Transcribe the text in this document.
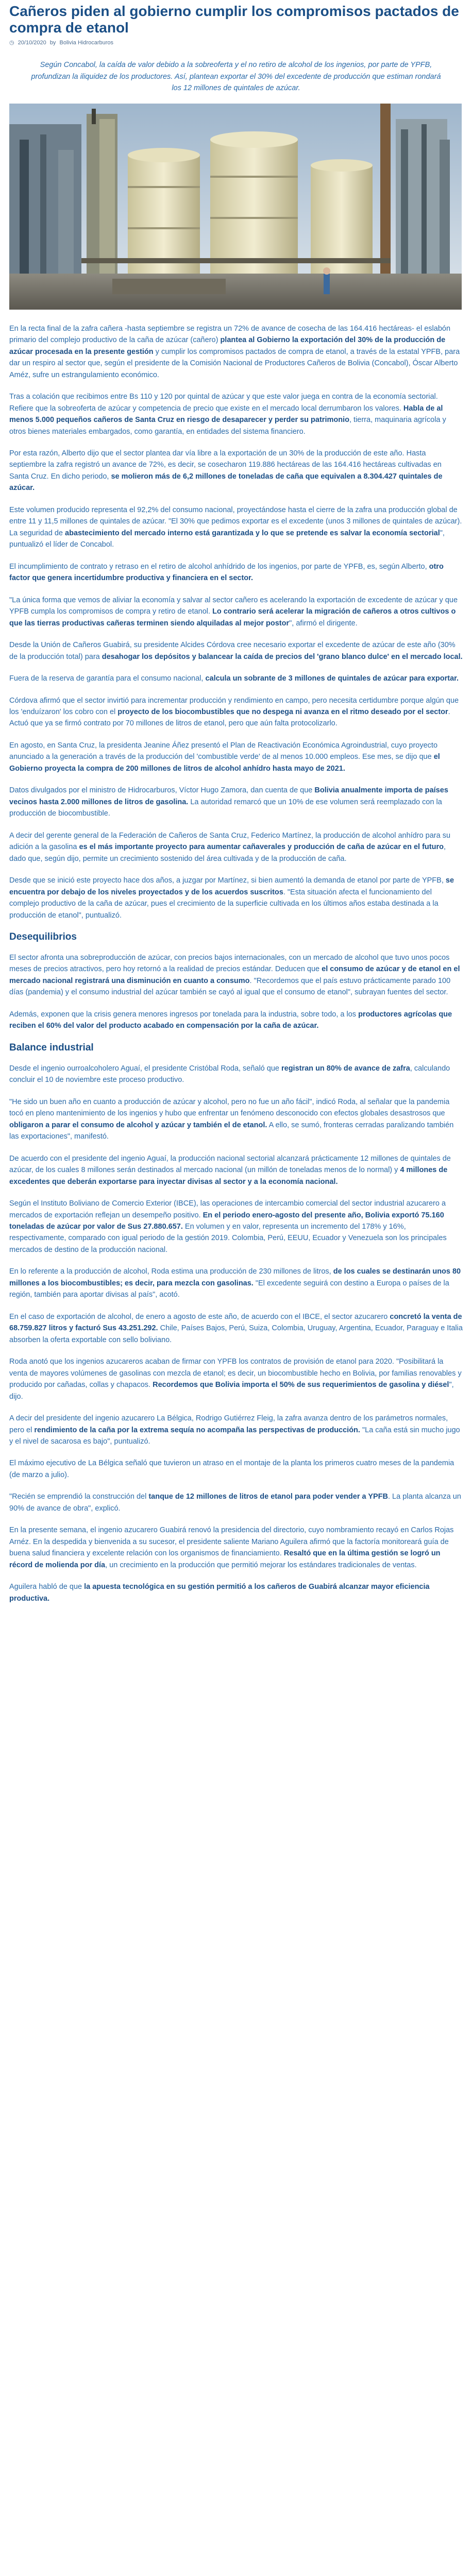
Cañeros piden al gobierno cumplir los compromisos pactados de compra de etanol
◷ 20/10/2020 by Bolivia Hidrocarburos

Según Concabol, la caída de valor debido a la sobreoferta y el no retiro de alcohol de los ingenios, por parte de YPFB, profundizan la iliquidez de los productores. Así, plantean exportar el 30% del excedente de producción que estiman rondará los 12 millones de quintales de azúcar.

En la recta final de la zafra cañera -hasta septiembre se registra un 72% de avance de cosecha de las 164.416 hectáreas- el eslabón primario del complejo productivo de la caña de azúcar (cañero) plantea al Gobierno la exportación del 30% de la producción de azúcar procesada en la presente gestión y cumplir los compromisos pactados de compra de etanol, a través de la estatal YPFB, para dar un respiro al sector que, según el presidente de la Comisión Nacional de Productores Cañeros de Bolivia (Concabol), Óscar Alberto Améz, sufre un estrangulamiento económico.

Tras a colación que recibimos entre Bs 110 y 120 por quintal de azúcar y que este valor juega en contra de la economía sectorial. Refiere que la sobreoferta de azúcar y competencia de precio que existe en el mercado local derrumbaron los valores. Habla de al menos 5.000 pequeños cañeros de Santa Cruz en riesgo de desaparecer y perder su patrimonio, tierra, maquinaria agrícola y otros bienes materiales embargados, como garantía, en entidades del sistema financiero.

Por esta razón, Alberto dijo que el sector plantea dar vía libre a la exportación de un 30% de la producción de este año. Hasta septiembre la zafra registró un avance de 72%, es decir, se cosecharon 119.886 hectáreas de las 164.416 hectáreas cultivadas en Santa Cruz. En dicho periodo, se molieron más de 6,2 millones de toneladas de caña que equivalen a 8.304.427 quintales de azúcar.

Este volumen producido representa el 92,2% del consumo nacional, proyectándose hasta el cierre de la zafra una producción global de entre 11 y 11,5 millones de quintales de azúcar. "El 30% que pedimos exportar es el excedente (unos 3 millones de quintales de azúcar). La seguridad de abastecimiento del mercado interno está garantizada y lo que se pretende es salvar la economía sectorial", puntualizó el líder de Concabol.

El incumplimiento de contrato y retraso en el retiro de alcohol anhídrido de los ingenios, por parte de YPFB, es, según Alberto, otro factor que genera incertidumbre productiva y financiera en el sector.

"La única forma que vemos de aliviar la economía y salvar al sector cañero es acelerando la exportación de excedente de azúcar y que YPFB cumpla los compromisos de compra y retiro de etanol. Lo contrario será acelerar la migración de cañeros a otros cultivos o que las tierras productivas cañeras terminen siendo alquiladas al mejor postor", afirmó el dirigente.

Desde la Unión de Cañeros Guabirá, su presidente Alcides Córdova cree necesario exportar el excedente de azúcar de este año (30% de la producción total) para desahogar los depósitos y balancear la caída de precios del 'grano blanco dulce' en el mercado local.

Fuera de la reserva de garantía para el consumo nacional, calcula un sobrante de 3 millones de quintales de azúcar para exportar.

Córdova afirmó que el sector invirtió para incrementar producción y rendimiento en campo, pero necesita certidumbre porque algún que los 'enduízaron' los cobro con el proyecto de los biocombustibles que no despega ni avanza en el ritmo deseado por el sector. Actuó que ya se firmó contrato por 70 millones de litros de etanol, pero que aún falta protocolizarlo.

En agosto, en Santa Cruz, la presidenta Jeanine Áñez presentó el Plan de Reactivación Económica Agroindustrial, cuyo proyecto anunciado a la generación a través de la producción del 'combustible verde' de al menos 10.000 empleos. Ese mes, se dijo que el Gobierno proyecta la compra de 200 millones de litros de alcohol anhídro hasta mayo de 2021.

Datos divulgados por el ministro de Hidrocarburos, Víctor Hugo Zamora, dan cuenta de que Bolivia anualmente importa de países vecinos hasta 2.000 millones de litros de gasolina. La autoridad remarcó que un 10% de ese volumen será reemplazado con la producción de biocombustible.

A decir del gerente general de la Federación de Cañeros de Santa Cruz, Federico Martínez, la producción de alcohol anhídro para su adición a la gasolina es el más importante proyecto para aumentar cañaverales y producción de caña de azúcar en el futuro, dado que, según dijo, permite un crecimiento sostenido del área cultivada y de la producción de caña.

Desde que se inició este proyecto hace dos años, a juzgar por Martínez, si bien aumentó la demanda de etanol por parte de YPFB, se encuentra por debajo de los niveles proyectados y de los acuerdos suscritos. "Esta situación afecta el funcionamiento del complejo productivo de la caña de azúcar, pues el crecimiento de la superficie cultivada en los últimos años estaba destinada a la producción de etanol", puntualizó.

Desequilibrios

El sector afronta una sobreproducción de azúcar, con precios bajos internacionales, con un mercado de alcohol que tuvo unos pocos meses de precios atractivos, pero hoy retornó a la realidad de precios estándar. Deducen que el consumo de azúcar y de etanol en el mercado nacional registrará una disminución en cuanto a consumo. "Recordemos que el país estuvo prácticamente parado 100 días (pandemia) y el consumo industrial del azúcar también se cayó al igual que el consumo de etanol", subrayan fuentes del sector.

Además, exponen que la crisis genera menores ingresos por tonelada para la industria, sobre todo, a los productores agrícolas que reciben el 60% del valor del producto acabado en compensación por la caña de azúcar.

Balance industrial

Desde el ingenio ourroalcoholero Aguaí, el presidente Cristóbal Roda, señaló que registran un 80% de avance de zafra, calculando concluir el 10 de noviembre este proceso productivo.

"He sido un buen año en cuanto a producción de azúcar y alcohol, pero no fue un año fácil", indicó Roda, al señalar que la pandemia tocó en pleno mantenimiento de los ingenios y hubo que enfrentar un fenómeno desconocido con efectos globales desastrosos que obligaron a parar el consumo de alcohol y azúcar y también el de etanol. A ello, se sumó, fronteras cerradas paralizando también las exportaciones", manifestó.

De acuerdo con el presidente del ingenio Aguaí, la producción nacional sectorial alcanzará prácticamente 12 millones de quintales de azúcar, de los cuales 8 millones serán destinados al mercado nacional (un millón de toneladas menos de lo normal) y 4 millones de excedentes que deberán exportarse para inyectar divisas al sector y a la economía nacional.

Según el Instituto Boliviano de Comercio Exterior (IBCE), las operaciones de intercambio comercial del sector industrial azucarero a mercados de exportación reflejan un desempeño positivo. En el periodo enero-agosto del presente año, Bolivia exportó 75.160 toneladas de azúcar por valor de Sus 27.880.657. En volumen y en valor, representa un incremento del 178% y 16%, respectivamente, comparado con igual periodo de la gestión 2019. Colombia, Perú, EEUU, Ecuador y Venezuela son los principales mercados de destino de la producción nacional.

En lo referente a la producción de alcohol, Roda estima una producción de 230 millones de litros, de los cuales se destinarán unos 80 millones a los biocombustibles; es decir, para mezcla con gasolinas. "El excedente seguirá con destino a Europa o países de la región, también para aportar divisas al país", acotó.

En el caso de exportación de alcohol, de enero a agosto de este año, de acuerdo con el IBCE, el sector azucarero concretó la venta de 68.759.827 litros y facturó Sus 43.251.292. Chile, Países Bajos, Perú, Suiza, Colombia, Uruguay, Argentina, Ecuador, Paraguay e Italia absorben la oferta exportable con sello boliviano.

Roda anotó que los ingenios azucareros acaban de firmar con YPFB los contratos de provisión de etanol para 2020. "Posibilitará la venta de mayores volúmenes de gasolinas con mezcla de etanol; es decir, un biocombustible hecho en Bolivia, por familias renovables y producido por cañadas, collas y chapacos. Recordemos que Bolivia importa el 50% de sus requerimientos de gasolina y diésel", dijo.

A decir del presidente del ingenio azucarero La Bélgica, Rodrigo Gutiérrez Fleig, la zafra avanza dentro de los parámetros normales, pero el rendimiento de la caña por la extrema sequía no acompaña las perspectivas de producción. "La caña está sin mucho jugo y el nivel de sacarosa es bajo", puntualizó.

El máximo ejecutivo de La Bélgica señaló que tuvieron un atraso en el montaje de la planta los primeros cuatro meses de la pandemia (de marzo a julio).

"Recién se emprendió la construcción del tanque de 12 millones de litros de etanol para poder vender a YPFB. La planta alcanza un 90% de avance de obra", explicó.

En la presente semana, el ingenio azucarero Guabirá renovó la presidencia del directorio, cuyo nombramiento recayó en Carlos Rojas Arnéz. En la despedida y bienvenida a su sucesor, el presidente saliente Mariano Aguilera afirmó que la factoría monitoreará guía de buena salud financiera y excelente relación con los organismos de financiamiento. Resaltó que en la última gestión se logró un récord de molienda por día, un crecimiento en la producción que permitió mejorar los estándares tradicionales de ventas.

Aguilera habló de que la apuesta tecnológica en su gestión permitió a los cañeros de Guabirá alcanzar mayor eficiencia productiva.
